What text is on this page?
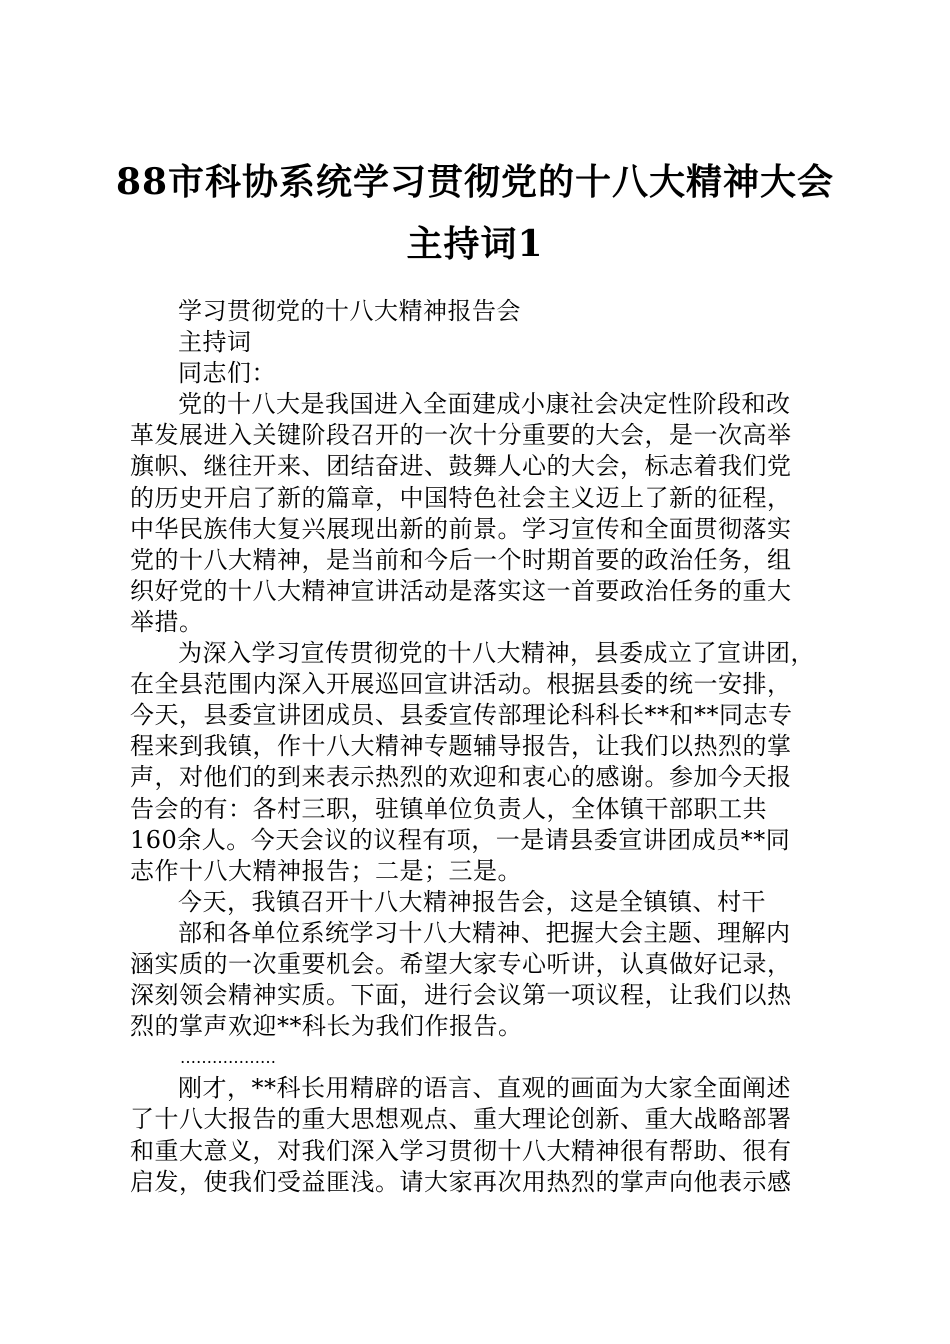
88市科协系统学习贯彻党的十八大精神大会
主持词1
学习贯彻党的十八大精神报告会
主持词
同志们：
党的十八大是我国进入全面建成小康社会决定性阶段和改
革发展进入关键阶段召开的一次十分重要的大会，是一次高举
旗帜、继往开来、团结奋进、鼓舞人心的大会，标志着我们党
的历史开启了新的篇章，中国特色社会主义迈上了新的征程，
中华民族伟大复兴展现出新的前景。学习宣传和全面贯彻落实
党的十八大精神，是当前和今后一个时期首要的政治任务，组
织好党的十八大精神宣讲活动是落实这一首要政治任务的重大
举措。
为深入学习宣传贯彻党的十八大精神，县委成立了宣讲团，
在全县范围内深入开展巡回宣讲活动。根据县委的统一安排，
今天，县委宣讲团成员、县委宣传部理论科科长**和**同志专
程来到我镇，作十八大精神专题辅导报告，让我们以热烈的掌
声，对他们的到来表示热烈的欢迎和衷心的感谢。参加今天报
告会的有：各村三职，驻镇单位负责人，全体镇干部职工共
160余人。今天会议的议程有项，一是请县委宣讲团成员**同
志作十八大精神报告；二是；三是。
今天，我镇召开十八大精神报告会，这是全镇镇、村干
部和各单位系统学习十八大精神、把握大会主题、理解内
涵实质的一次重要机会。希望大家专心听讲，认真做好记录，
深刻领会精神实质。下面，进行会议第一项议程，让我们以热
烈的掌声欢迎**科长为我们作报告。
………………
刚才，**科长用精辟的语言、直观的画面为大家全面阐述
了十八大报告的重大思想观点、重大理论创新、重大战略部署
和重大意义，对我们深入学习贯彻十八大精神很有帮助、很有
启发，使我们受益匪浅。请大家再次用热烈的掌声向他表示感
